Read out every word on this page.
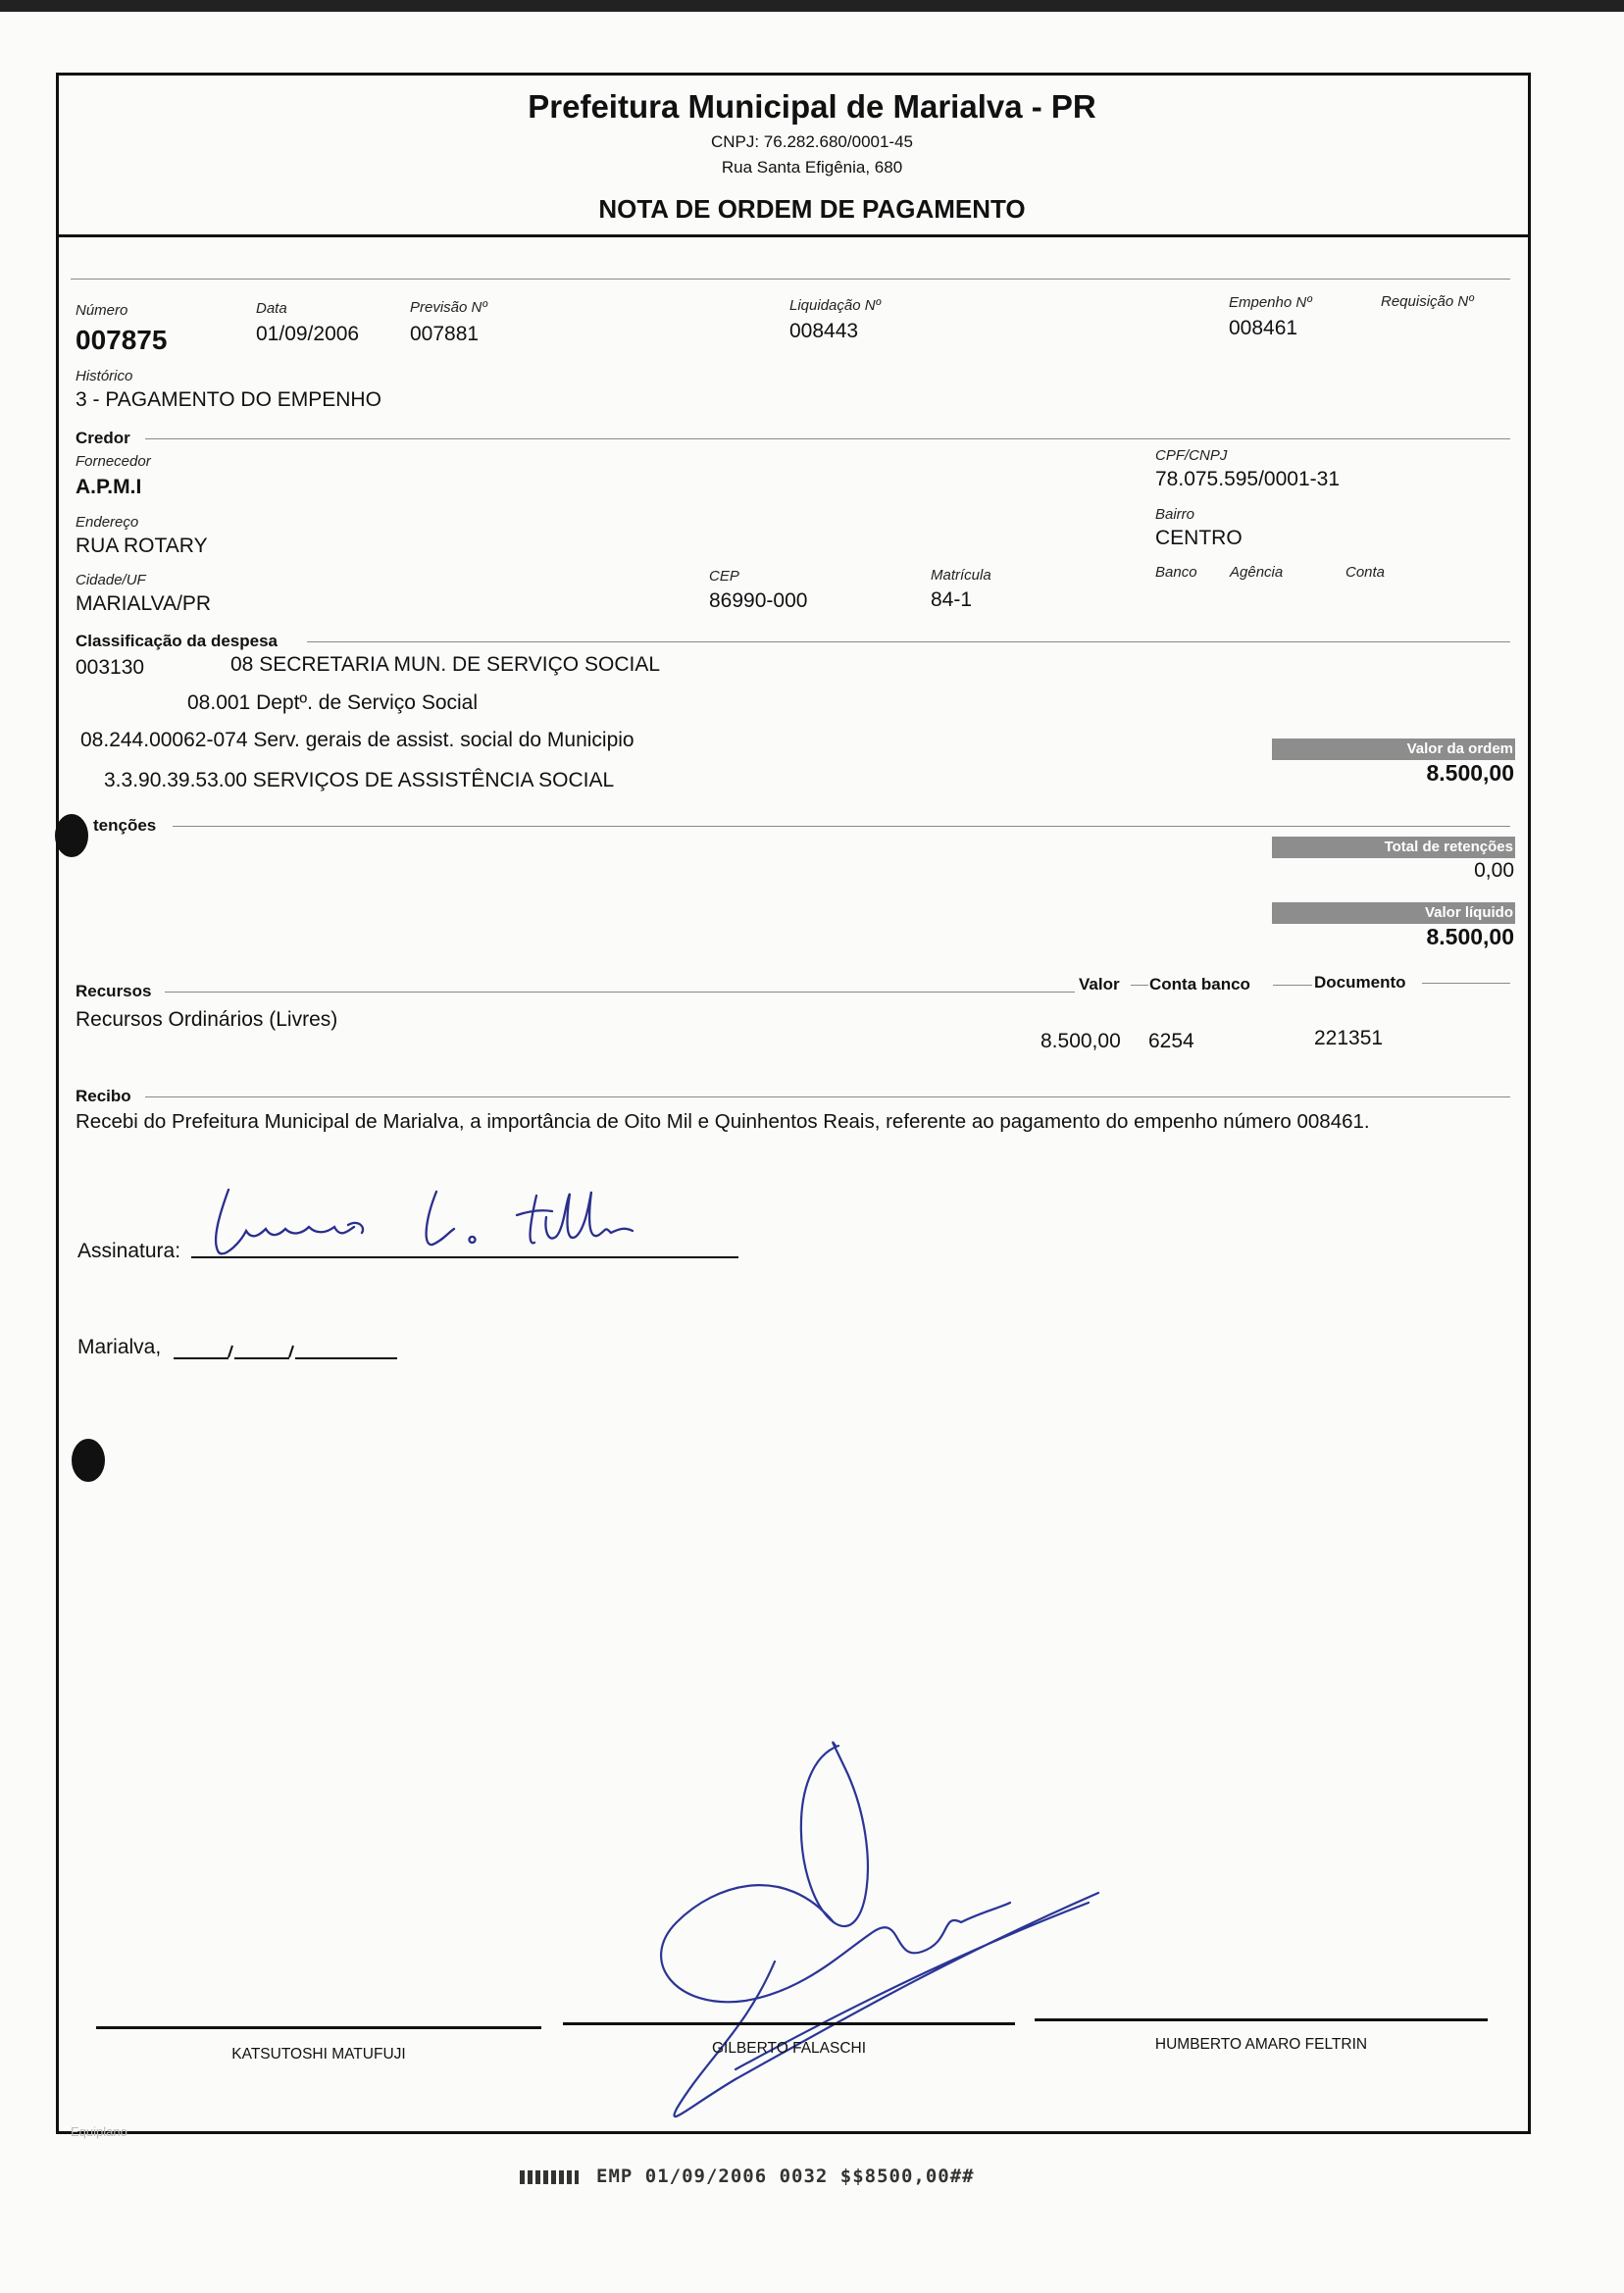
Prefeitura Municipal de Marialva - PR
CNPJ: 76.282.680/0001-45
Rua Santa Efigênia, 680
NOTA DE ORDEM DE PAGAMENTO
Número
007875
Data
01/09/2006
Previsão Nº
007881
Liquidação Nº
008443
Empenho Nº
008461
Requisição Nº
Histórico
3 - PAGAMENTO DO EMPENHO
Credor
Fornecedor
A.P.M.I
CPF/CNPJ
78.075.595/0001-31
Endereço
RUA ROTARY
Bairro
CENTRO
Cidade/UF
MARIALVA/PR
CEP
86990-000
Matrícula
84-1
Banco Agência	Conta
Classificação da despesa
003130	08 SECRETARIA MUN. DE SERVIÇO SOCIAL
08.001 Deptº. de Serviço Social
08.244.00062-074 Serv. gerais de assist. social do Municipio
3.3.90.39.53.00 SERVIÇOS DE ASSISTÊNCIA SOCIAL
Valor da ordem
8.500,00
tenções
Total de retenções
0,00
Valor líquido
8.500,00
Recursos	Valor Conta banco	Documento
Recursos Ordinários (Livres)
8.500,00 6254	221351
Recibo
Recebi do Prefeitura Municipal de Marialva, a importância de Oito Mil e Quinhentos Reais, referente ao pagamento do empenho número 008461.
Assinatura:
Marialva,
KATSUTOSHI MATUFUJI	GILBERTO FALASCHI	HUMBERTO AMARO FELTRIN
Equiplano
EMP 01/09/2006 0032 $$8500,00##
